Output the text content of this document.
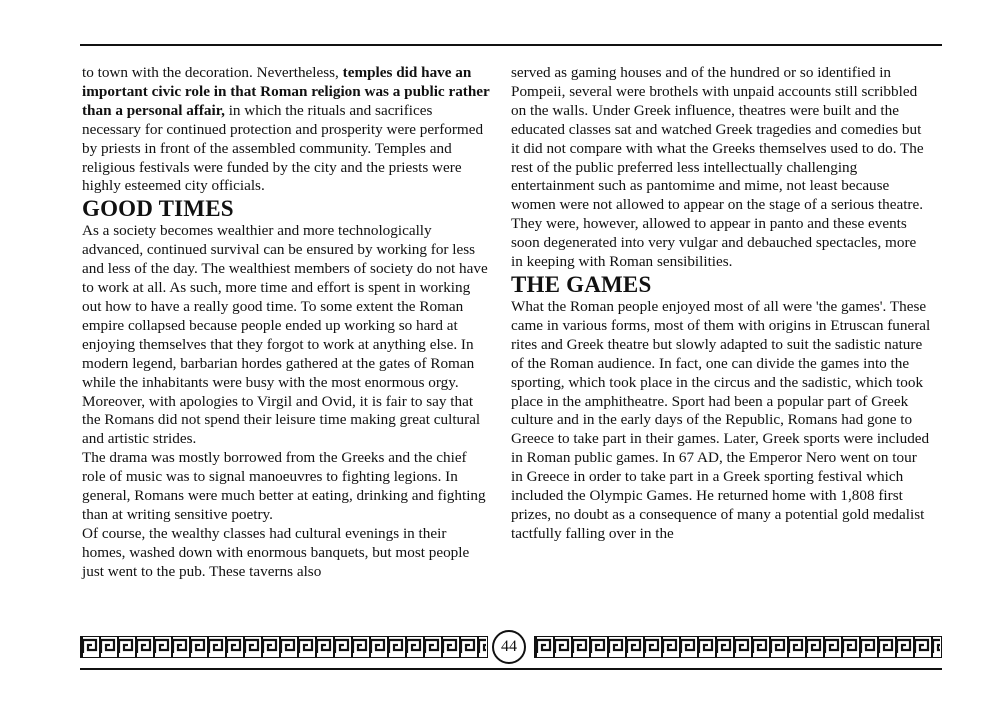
to town with the decoration. Nevertheless, temples did have an important civic role in that Roman religion was a public rather than a personal affair, in which the rituals and sacrifices necessary for continued protection and prosperity were performed by priests in front of the assembled community. Temples and religious festivals were funded by the city and the priests were highly esteemed city officials.

GOOD TIMES

As a society becomes wealthier and more technologically advanced, continued survival can be ensured by working for less and less of the day. The wealthiest members of society do not have to work at all. As such, more time and effort is spent in working out how to have a really good time. To some extent the Roman empire collapsed because people ended up working so hard at enjoying themselves that they forgot to work at anything else. In modern legend, barbarian hordes gathered at the gates of Roman while the inhabitants were busy with the most enormous orgy. Moreover, with apologies to Virgil and Ovid, it is fair to say that the Romans did not spend their leisure time making great cultural and artistic strides.

The drama was mostly borrowed from the Greeks and the chief role of music was to signal manoeuvres to fighting legions. In general, Romans were much better at eating, drinking and fighting than at writing sensitive poetry.

Of course, the wealthy classes had cultural evenings in their homes, washed down with enormous banquets, but most people just went to the pub. These taverns also

served as gaming houses and of the hundred or so identified in Pompeii, several were brothels with unpaid accounts still scribbled on the walls. Under Greek influence, theatres were built and the educated classes sat and watched Greek tragedies and comedies but it did not compare with what the Greeks themselves used to do. The rest of the public preferred less intellectually challenging entertainment such as pantomime and mime, not least because women were not allowed to appear on the stage of a serious theatre. They were, however, allowed to appear in panto and these events soon degenerated into very vulgar and debauched spectacles, more in keeping with Roman sensibilities.

THE GAMES

What the Roman people enjoyed most of all were 'the games'. These came in various forms, most of them with origins in Etruscan funeral rites and Greek theatre but slowly adapted to suit the sadistic nature of the Roman audience. In fact, one can divide the games into the sporting, which took place in the circus and the sadistic, which took place in the amphitheatre. Sport had been a popular part of Greek culture and in the early days of the Republic, Romans had gone to Greece to take part in their games. Later, Greek sports were included in Roman public games. In 67 AD, the Emperor Nero went on tour in Greece in order to take part in a Greek sporting festival which included the Olympic Games. He returned home with 1,808 first prizes, no doubt as a consequence of many a potential gold medalist tactfully falling over in the

44
